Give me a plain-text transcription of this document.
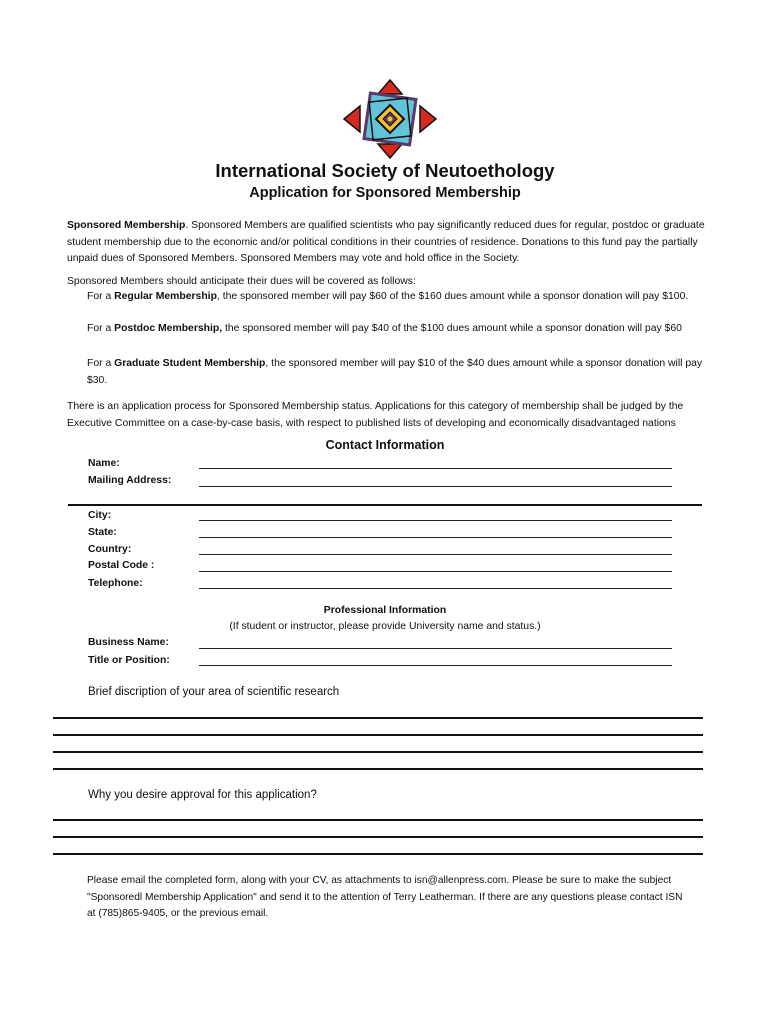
International Society of Neutoethology
Application for Sponsored Membership
Sponsored Membership. Sponsored Members are qualified scientists who pay significantly reduced dues for regular, postdoc or graduate student membership due to the economic and/or political conditions in their countries of residence. Donations to this fund pay the partially unpaid dues of Sponsored Members. Sponsored Members may vote and hold office in the Society.
Sponsored Members should anticipate their dues will be covered as follows:
For a Regular Membership, the sponsored member will pay $60 of the $160 dues amount while a sponsor donation will pay $100.
For a Postdoc Membership, the sponsored member will pay $40 of the $100 dues amount while a sponsor donation will pay $60
For a Graduate Student Membership, the sponsored member will pay $10 of the $40 dues amount while a sponsor donation will pay $30.
There is an application process for Sponsored Membership status. Applications for this category of membership shall be judged by the Executive Committee on a case-by-case basis, with respect to published lists of developing and economically disadvantaged nations
Contact Information
Name:
Mailing Address:
City:
State:
Country:
Postal Code :
Telephone:
Professional Information
(If student or instructor, please provide University name and status.)
Business Name:
Title or Position:
Brief discription of your area of scientific research
Why you desire approval for this application?
Please email the completed form, along with your CV, as attachments to isn@allenpress.com. Please be sure to make the subject "Sponsoredl Membership Application" and send it to the attention of Terry Leatherman. If there are any questions please contact ISN at (785)865-9405, or the previous email.
